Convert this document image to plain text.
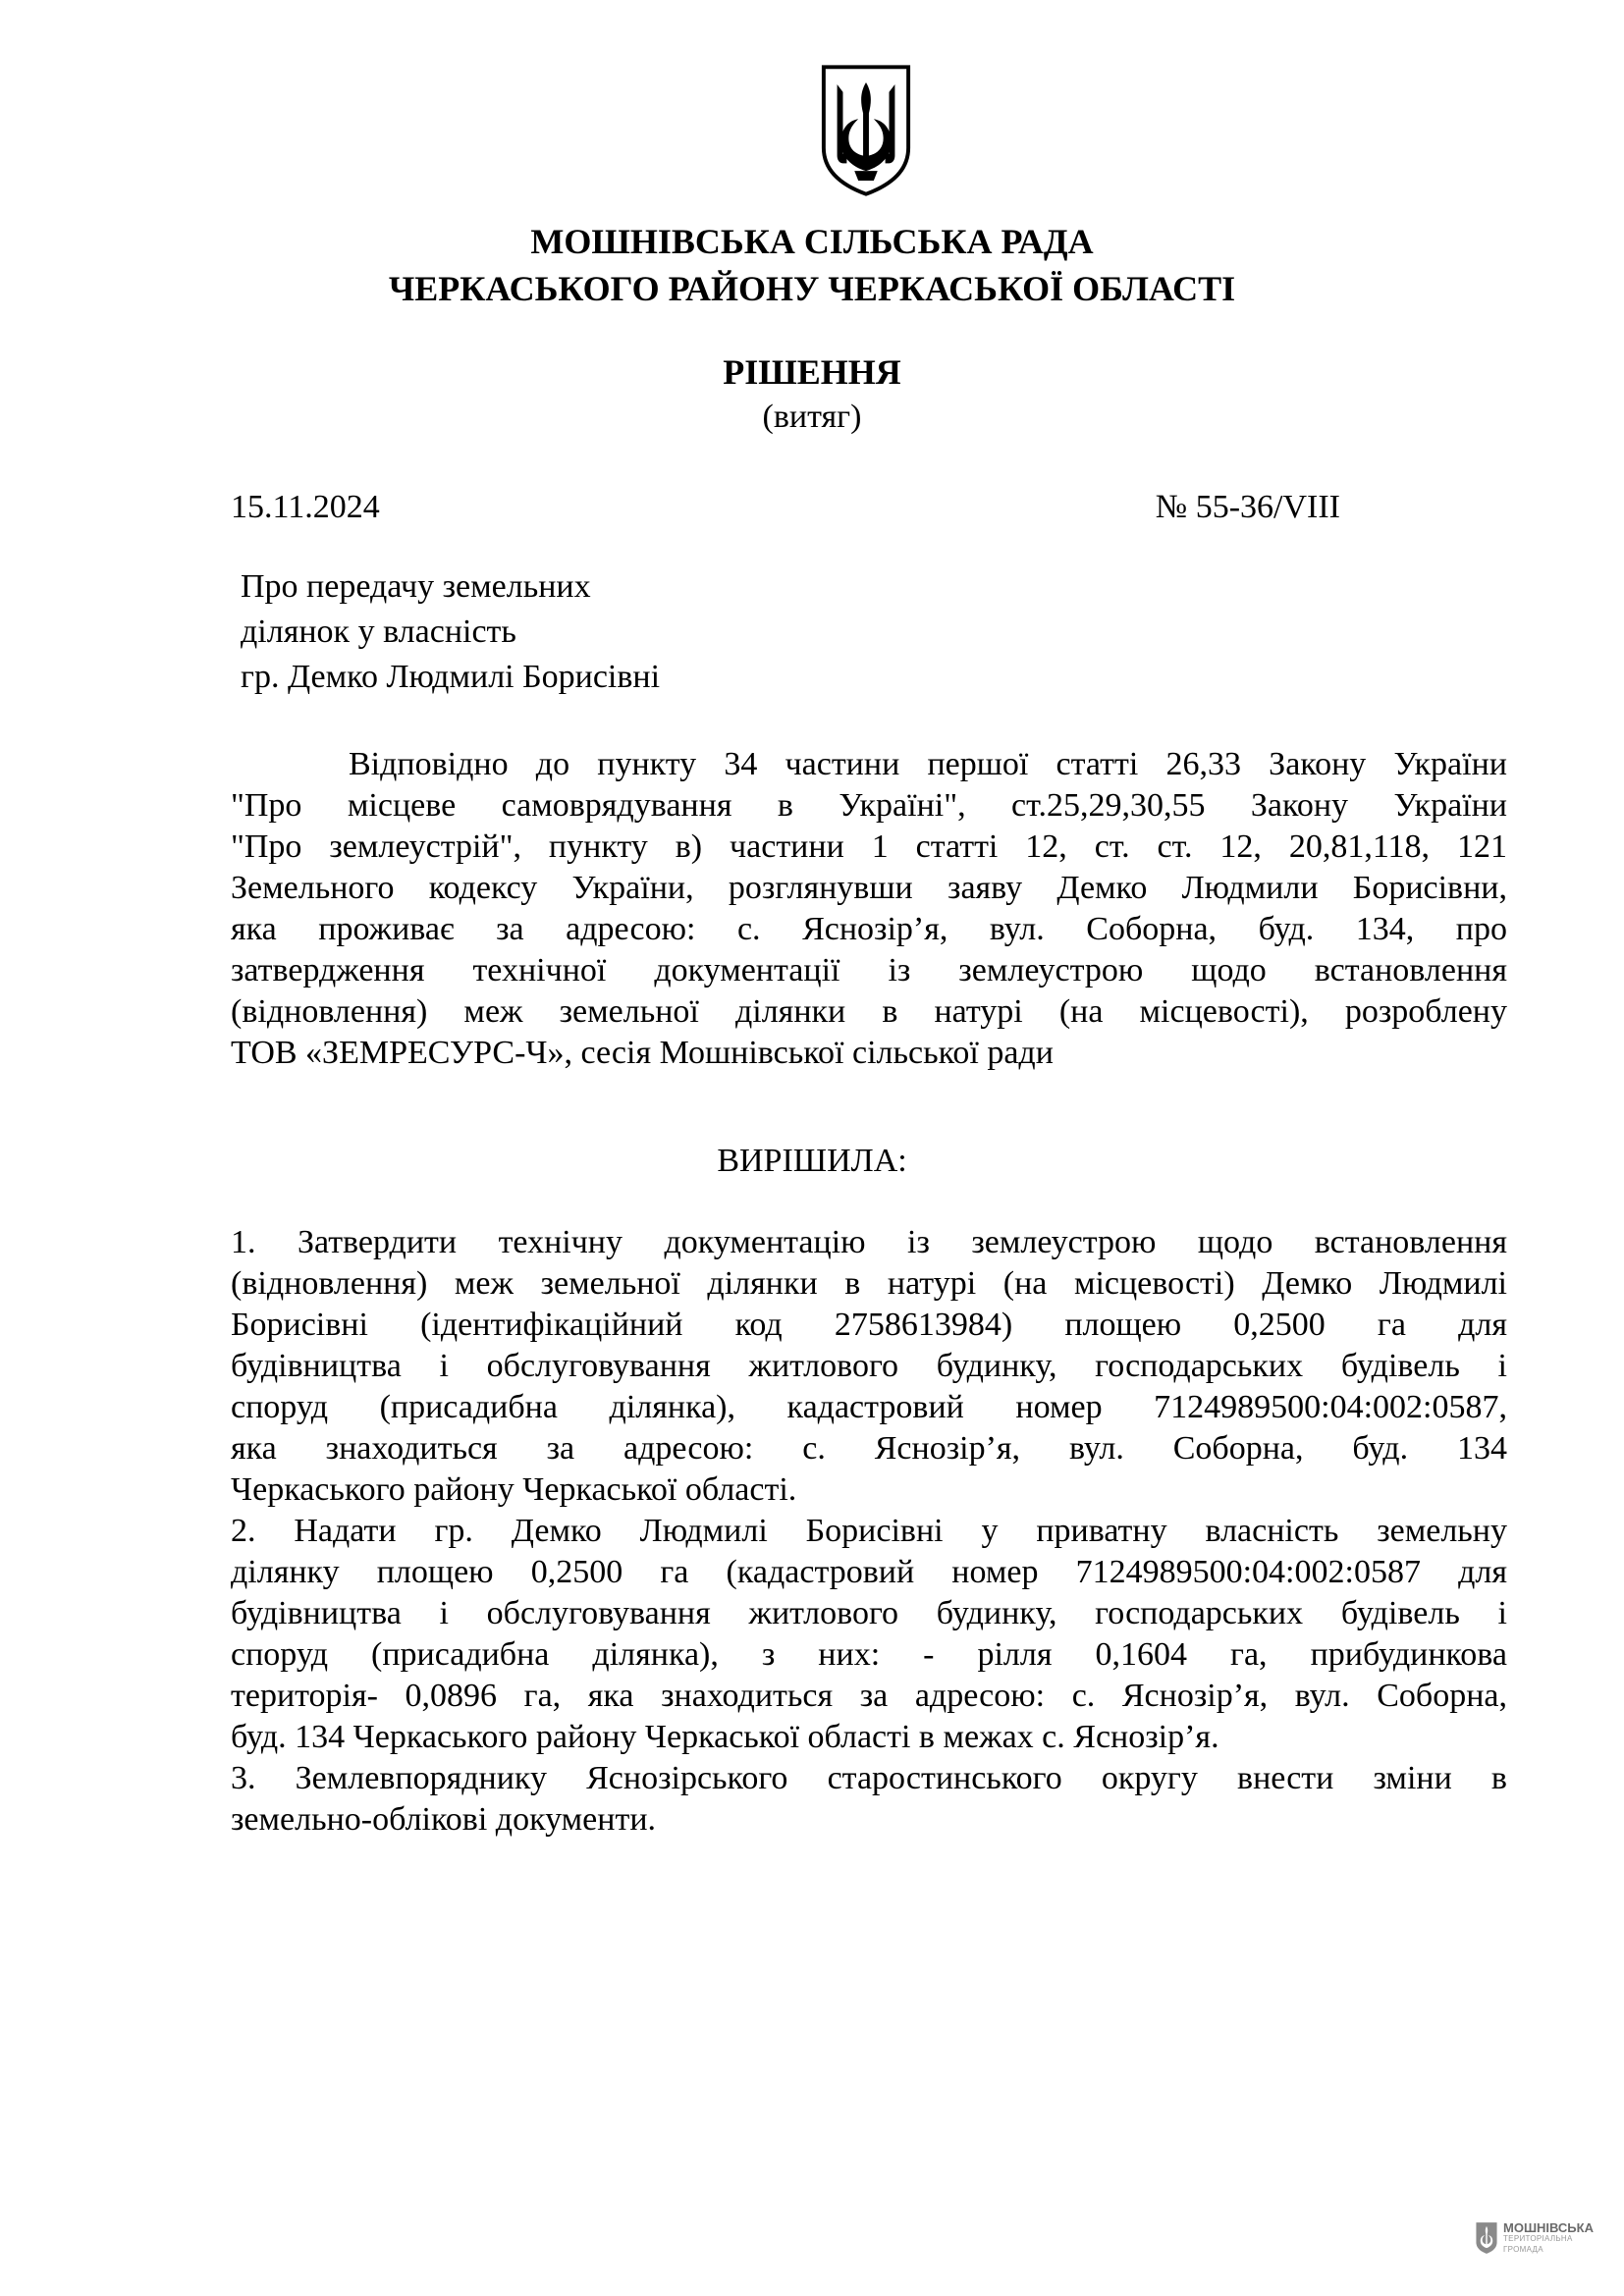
МОШНІВСЬКА СІЛЬСЬКА РАДА
ЧЕРКАСЬКОГО РАЙОНУ ЧЕРКАСЬКОЇ ОБЛАСТІ
РІШЕННЯ
(витяг)
15.11.2024	№ 55-36/VIII
Про передачу земельних
ділянок у власність
гр. Демко Людмилі Борисівні
Відповідно до пункту 34 частини першої статті 26,33 Закону України
"Про місцеве самоврядування в Україні", ст.25,29,30,55 Закону України
"Про землеустрій", пункту в) частини 1 статті 12, ст. ст. 12, 20,81,118, 121
Земельного кодексу України, розглянувши заяву Демко Людмили Борисівни,
яка проживає за адресою: с. Яснозір’я, вул. Соборна, буд. 134, про
затвердження технічної документації із землеустрою щодо встановлення
(відновлення) меж земельної ділянки в натурі (на місцевості), розроблену
ТОВ «ЗЕМРЕСУРС-Ч», сесія Мошнівської сільської ради
ВИРІШИЛА:
1. Затвердити технічну документацію із землеустрою щодо встановлення
(відновлення) меж земельної ділянки в натурі (на місцевості) Демко Людмилі
Борисівні (ідентифікаційний код 2758613984) площею 0,2500 га для
будівництва і обслуговування житлового будинку, господарських будівель і
споруд (присадибна ділянка), кадастровий номер 7124989500:04:002:0587,
яка знаходиться за адресою: с. Яснозір’я, вул. Соборна, буд. 134
Черкаського району Черкаської області.
2. Надати гр. Демко Людмилі Борисівні у приватну власність земельну
ділянку площею 0,2500 га (кадастровий номер 7124989500:04:002:0587 для
будівництва і обслуговування житлового будинку, господарських будівель і
споруд (присадибна ділянка), з них: - рілля 0,1604 га, прибудинкова
територія- 0,0896 га, яка знаходиться за адресою: с. Яснозір’я, вул. Соборна,
буд. 134 Черкаського району Черкаської області в межах с. Яснозір’я.
3. Землевпоряднику Яснозірського старостинського округу внести зміни в
земельно-облікові документи.
МОШНІВСЬКА
ТЕРИТОРІАЛЬНА
ГРОМАДА
